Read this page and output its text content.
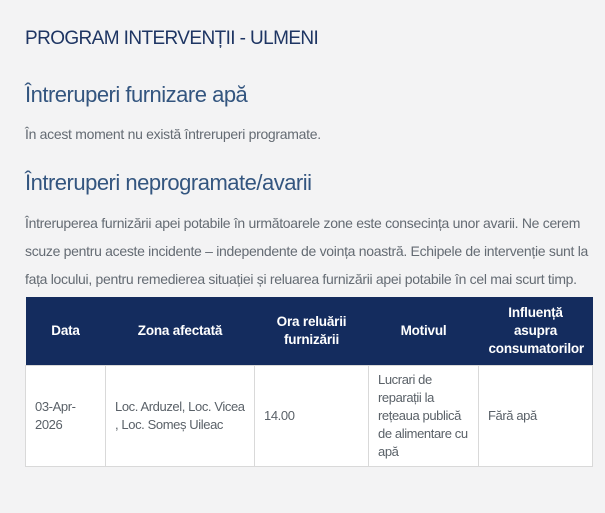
PROGRAM INTERVENȚII - ULMENI
Întreruperi furnizare apă

În acest moment nu există întreruperi programate.

Întreruperi neprogramate/avarii

Întreruperea furnizării apei potabile în următoarele zone este consecința unor avarii. Ne cerem scuze pentru aceste incidente – independente de voința noastră. Echipele de intervenție sunt la fața locului, pentru remedierea situației și reluarea furnizării apei potabile în cel mai scurt timp.

Data	Zona afectată	Ora reluării furnizării	Motivul	Influență asupra consumatorilor
03-Apr-2026	Loc. Arduzel, Loc. Vicea , Loc. Someș Uileac	14.00	Lucrari de reparații la rețeaua publică de alimentare cu apă	Fără apă
